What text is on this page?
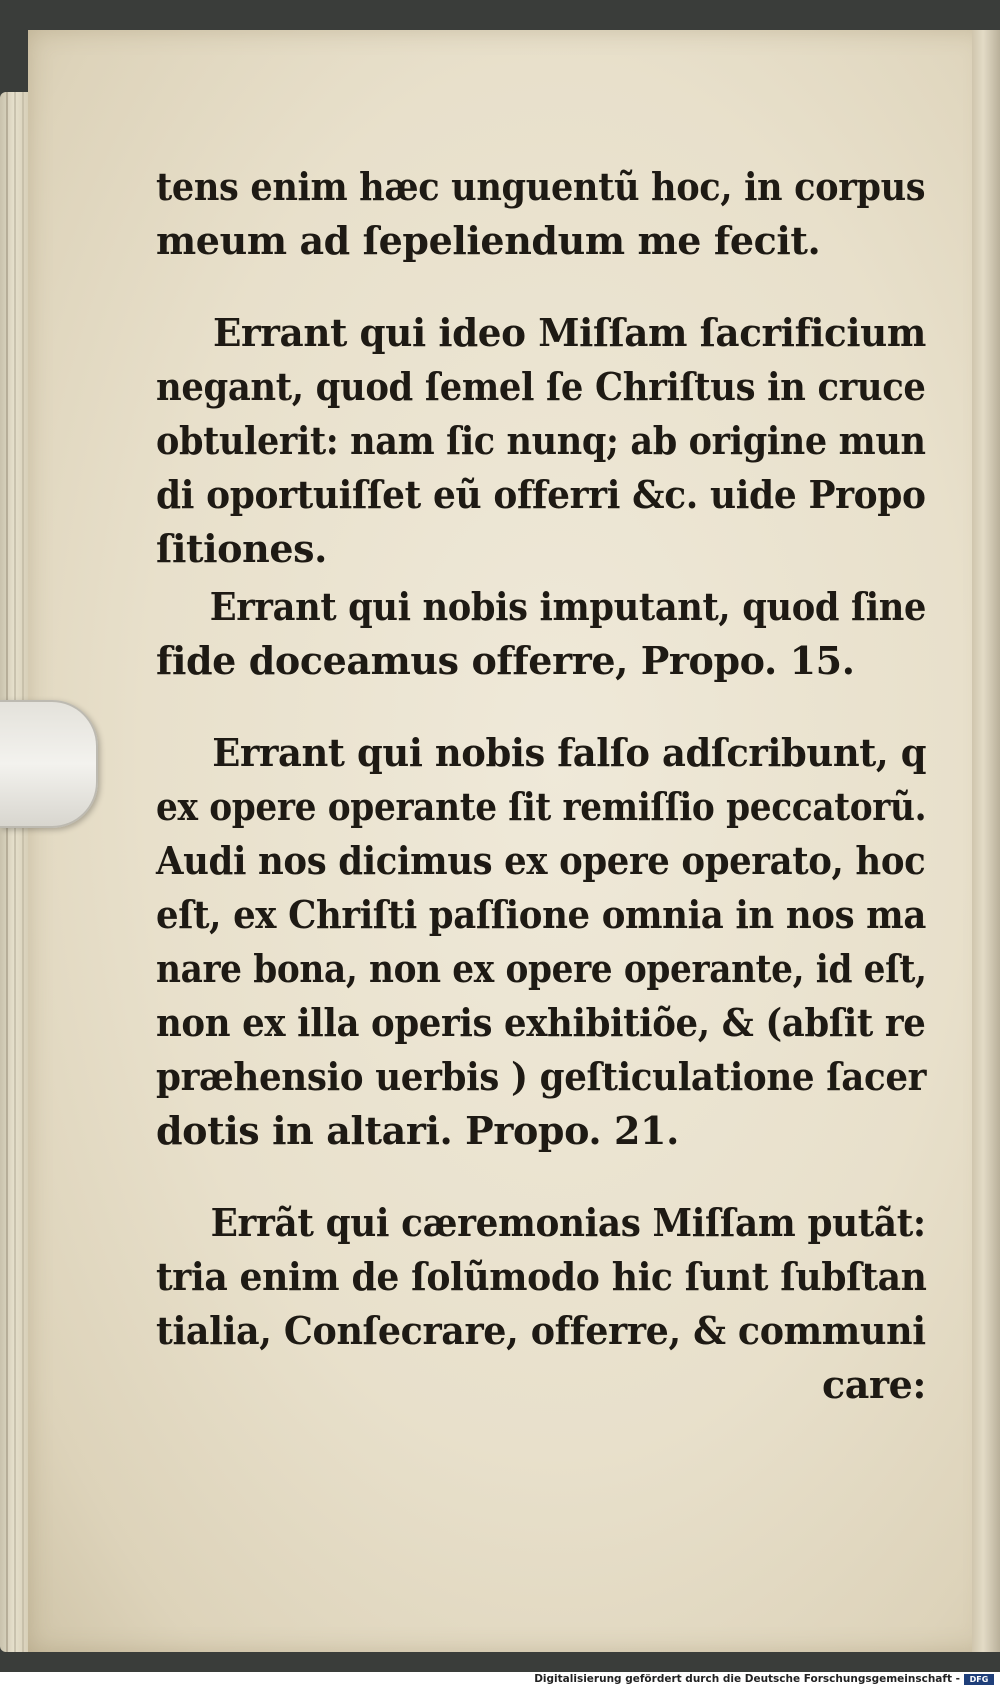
tens enim hæc unguentũ hoc, in corpus
meum ad ſepeliendum me fecit.
Errant qui ideo Miſſam ſacrificium
negant, quod ſemel ſe Chriſtus in cruce
obtulerit: nam ſic nunq; ab origine mun
di oportuiſſet eũ offerri &c. uide Propo
ſitiones.
Errant qui nobis imputant, quod ſine
fide doceamus offerre, Propo. 15.
Errant qui nobis falſo adſcribunt, q
ex opere operante ſit remiſſio peccatorũ.
Audi nos dicimus ex opere operato, hoc
eſt, ex Chriſti paſſione omnia in nos ma
nare bona, non ex opere operante, id eſt,
non ex illa operis exhibitiõe, & (abſit re
præhensio uerbis ) geſticulatione ſacer
dotis in altari. Propo. 21.
Errãt qui cæremonias Miſſam putãt:
tria enim de ſolũmodo hic ſunt ſubſtan
tialia, Conſecrare, offerre, & communi
care:
Digitalisierung gefördert durch die Deutsche Forschungsgemeinschaft -	DFG
